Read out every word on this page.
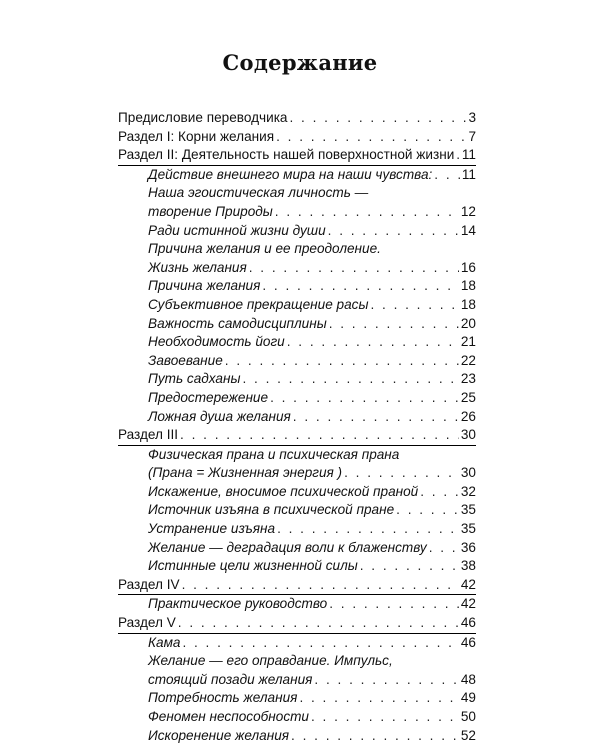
Содержание
Предисловие переводчика . . .	3
Раздел I: Корни желания . . .	7
Раздел II: Деятельность нашей поверхностной жизни . . . 11
Действие внешнего мира на наши чувства: . . . 11
Наша эгоистическая личность —
творение Природы . . .	12
Ради истинной жизни души . . .	14
Причина желания и ее преодоление.
Жизнь желания . . .	16
Причина желания . . .	18
Субъективное прекращение расы . . .	18
Важность самодисциплины . . .	20
Необходимость йоги . . .	21
Завоевание . . .	22
Путь садханы . . .	23
Предостережение . . .	25
Ложная душа желания . . .	26
Раздел III . . .	30
Физическая прана и психическая прана
(Прана = Жизненная энергия ) . . .	30
Искажение, вносимое психической праной . . .	32
Источник изъяна в психической пране . . .	35
Устранение изъяна . . .	35
Желание — деградация воли к блаженству . . .	36
Истинные цели жизненной силы . . .	38
Раздел IV . . .	42
Практическое руководство . . .	42
Раздел V . . .	46
Кама . . .	46
Желание — его оправдание. Импульс,
стоящий позади желания . . .	48
Потребность желания . . .	49
Феномен неспособности . . .	50
Искоренение желания . . .	52
